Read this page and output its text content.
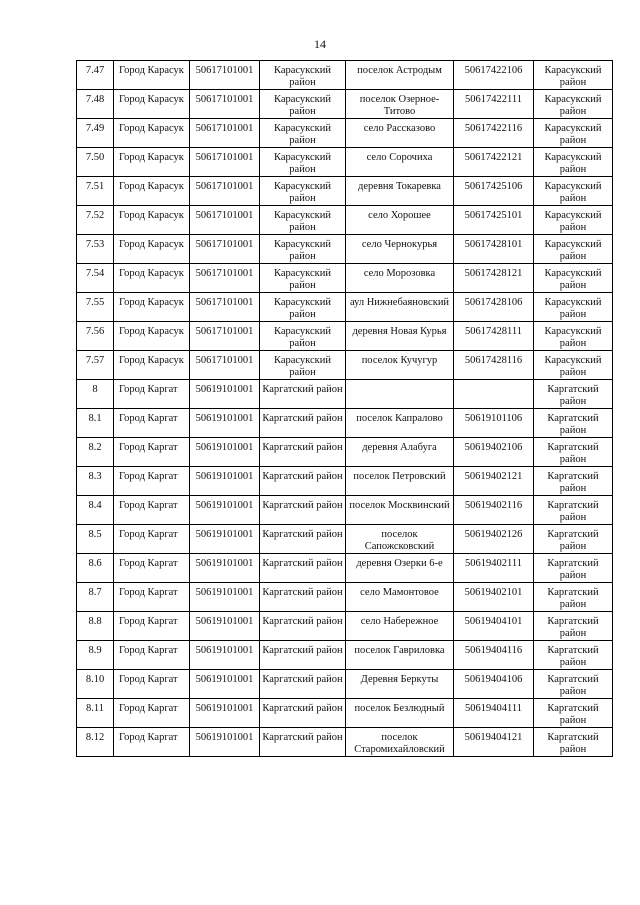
14
7.47	Город Карасук	50617101001	Карасукский район	поселок Астродым	50617422106	Карасукский район
7.48	Город Карасук	50617101001	Карасукский район	поселок Озерное-Титово	50617422111	Карасукский район
7.49	Город Карасук	50617101001	Карасукский район	село Рассказово	50617422116	Карасукский район
7.50	Город Карасук	50617101001	Карасукский район	село Сорочиха	50617422121	Карасукский район
7.51	Город Карасук	50617101001	Карасукский район	деревня Токаревка	50617425106	Карасукский район
7.52	Город Карасук	50617101001	Карасукский район	село Хорошее	50617425101	Карасукский район
7.53	Город Карасук	50617101001	Карасукский район	село Чернокурья	50617428101	Карасукский район
7.54	Город Карасук	50617101001	Карасукский район	село Морозовка	50617428121	Карасукский район
7.55	Город Карасук	50617101001	Карасукский район	аул Нижнебаяновский	50617428106	Карасукский район
7.56	Город Карасук	50617101001	Карасукский район	деревня Новая Курья	50617428111	Карасукский район
7.57	Город Карасук	50617101001	Карасукский район	поселок Кучугур	50617428116	Карасукский район
8	Город Каргат	50619101001	Каргатский район			Каргатский район
8.1	Город Каргат	50619101001	Каргатский район	поселок Капралово	50619101106	Каргатский район
8.2	Город Каргат	50619101001	Каргатский район	деревня Алабуга	50619402106	Каргатский район
8.3	Город Каргат	50619101001	Каргатский район	поселок Петровский	50619402121	Каргатский район
8.4	Город Каргат	50619101001	Каргатский район	поселок Москвинский	50619402116	Каргатский район
8.5	Город Каргат	50619101001	Каргатский район	поселок Сапожсковский	50619402126	Каргатский район
8.6	Город Каргат	50619101001	Каргатский район	деревня Озерки 6-е	50619402111	Каргатский район
8.7	Город Каргат	50619101001	Каргатский район	село Мамонтовое	50619402101	Каргатский район
8.8	Город Каргат	50619101001	Каргатский район	село Набережное	50619404101	Каргатский район
8.9	Город Каргат	50619101001	Каргатский район	поселок Гавриловка	50619404116	Каргатский район
8.10	Город Каргат	50619101001	Каргатский район	Деревня Беркуты	50619404106	Каргатский район
8.11	Город Каргат	50619101001	Каргатский район	поселок Безлюдный	50619404111	Каргатский район
8.12	Город Каргат	50619101001	Каргатский район	поселок Старомихайловский	50619404121	Каргатский район
